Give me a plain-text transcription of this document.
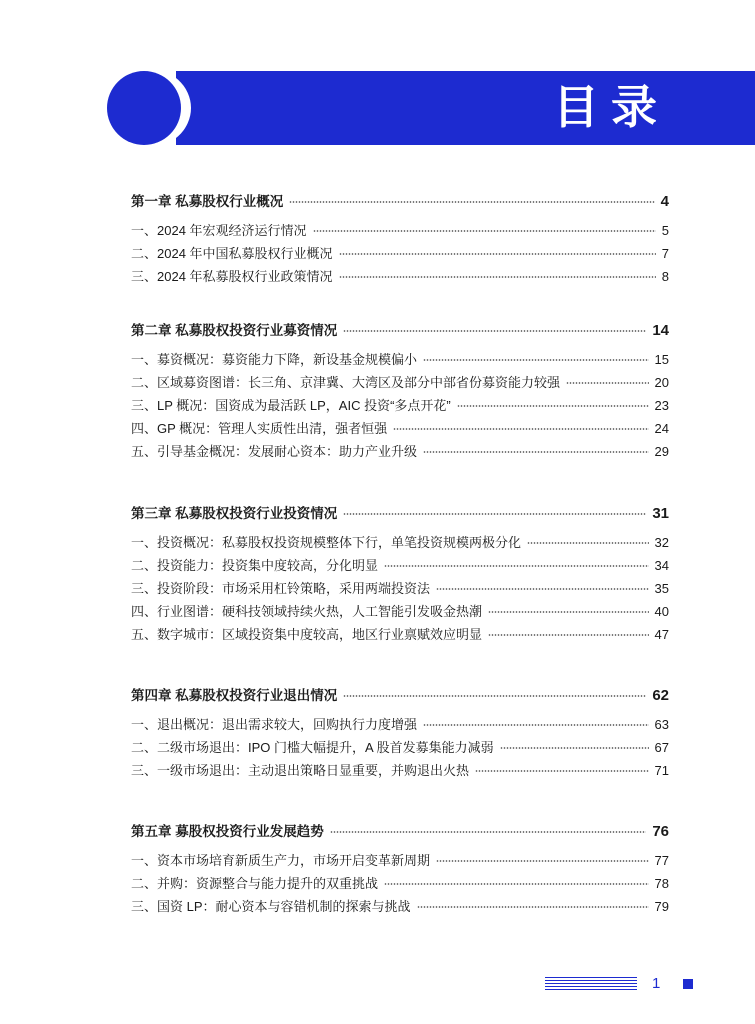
目录
第一章 私募股权行业概况	4
一、2024 年宏观经济运行情况	5
二、2024 年中国私募股权行业概况	7
三、2024 年私募股权行业政策情况	8
第二章 私募股权投资行业募资情况	14
一、募资概况：募资能力下降，新设基金规模偏小	15
二、区域募资图谱：长三角、京津冀、大湾区及部分中部省份募资能力较强	20
三、LP 概况：国资成为最活跃 LP，AIC 投资“多点开花”	23
四、GP 概况：管理人实质性出清，强者恒强	24
五、引导基金概况：发展耐心资本：助力产业升级	29
第三章 私募股权投资行业投资情况	31
一、投资概况：私募股权投资规模整体下行，单笔投资规模两极分化	32
二、投资能力：投资集中度较高，分化明显	34
三、投资阶段：市场采用杠铃策略，采用两端投资法	35
四、行业图谱：硬科技领域持续火热，人工智能引发吸金热潮	40
五、数字城市：区域投资集中度较高，地区行业禀赋效应明显	47
第四章 私募股权投资行业退出情况	62
一、退出概况：退出需求较大，回购执行力度增强	63
二、二级市场退出：IPO 门槛大幅提升，A 股首发募集能力减弱	67
三、一级市场退出：主动退出策略日显重要，并购退出火热	71
第五章 募股权投资行业发展趋势	76
一、资本市场培育新质生产力，市场开启变革新周期	77
二、并购：资源整合与能力提升的双重挑战	78
三、国资 LP：耐心资本与容错机制的探索与挑战	79
1
